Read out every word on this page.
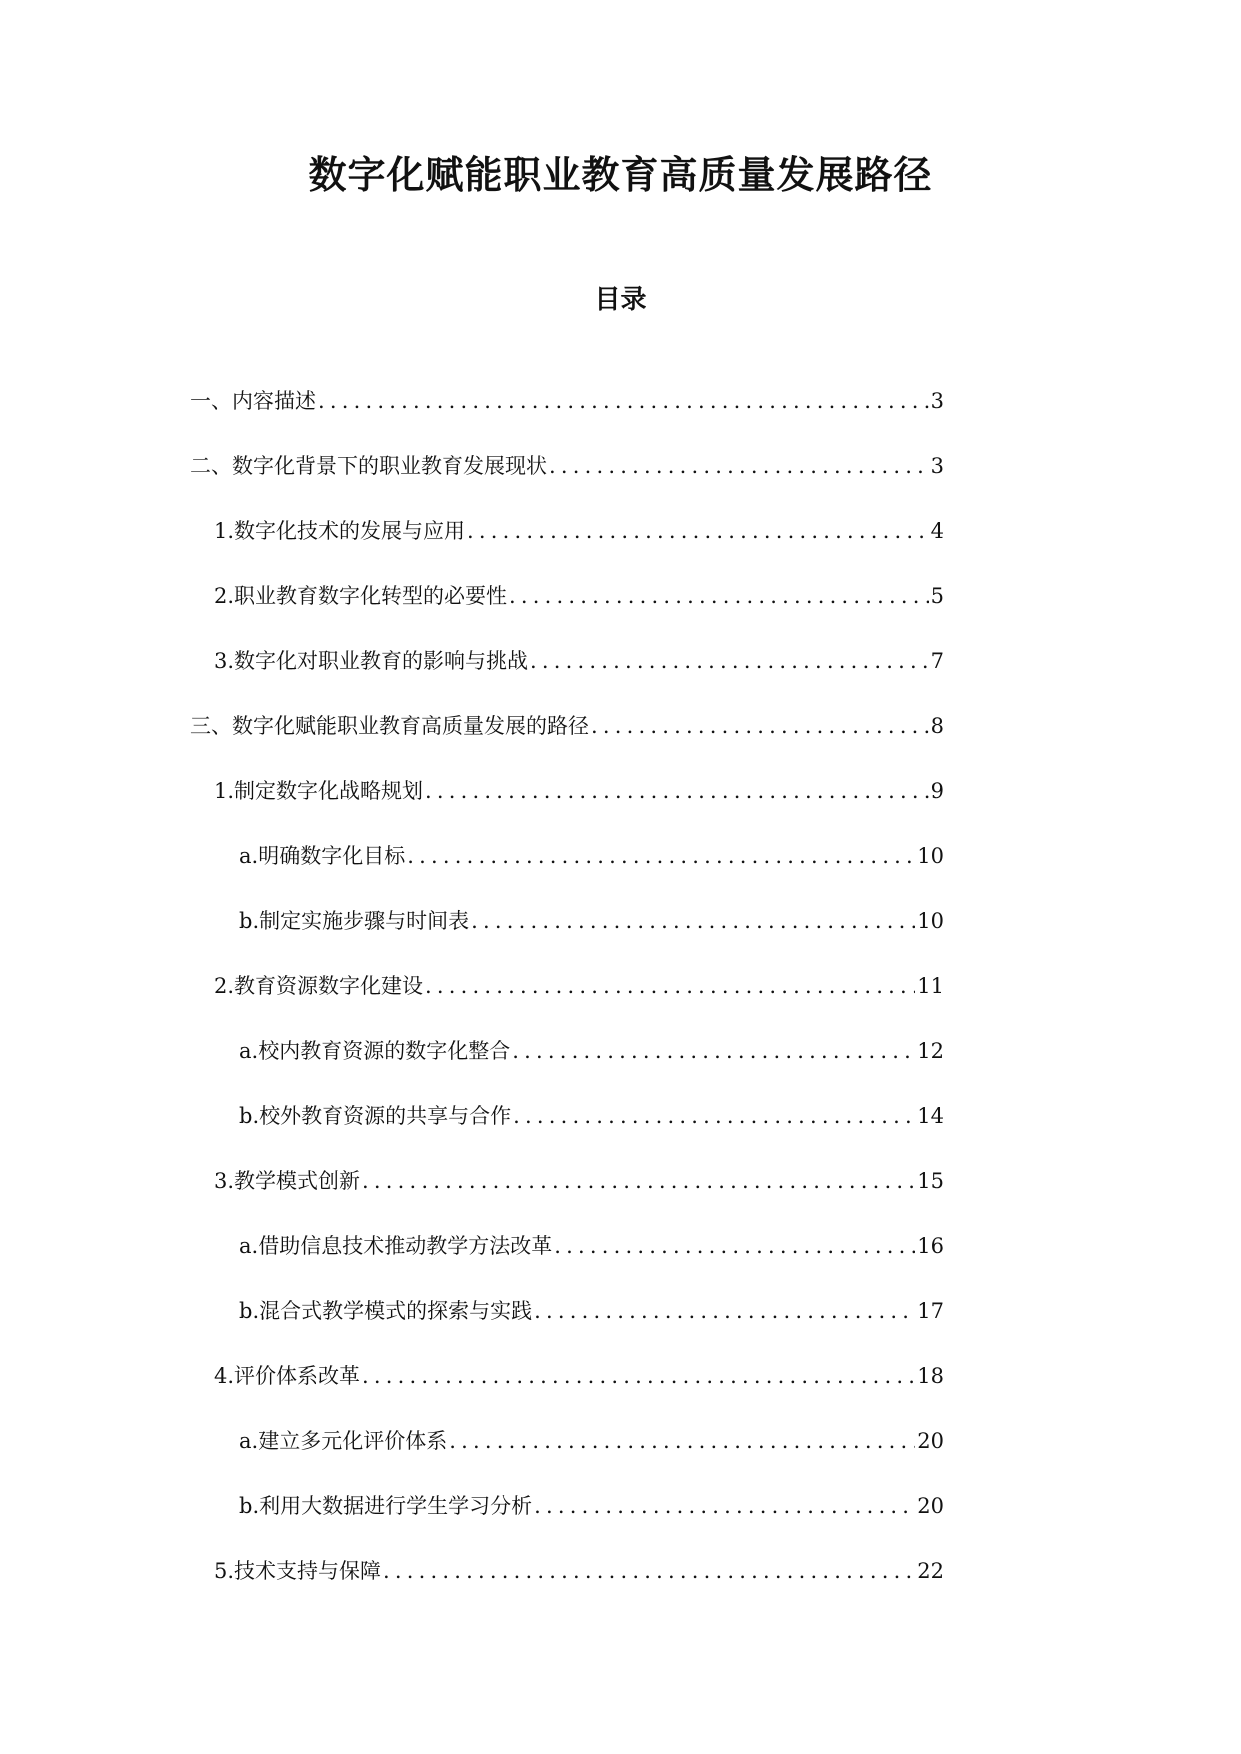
数字化赋能职业教育高质量发展路径
目录
一、 内容描述 .....	3
二、 数字化背景下的职业教育发展现状 .....	3
1. 数字化技术的发展与应用 .....	4
2. 职业教育数字化转型的必要性 .....	5
3. 数字化对职业教育的影响与挑战 .....	7
三、 数字化赋能职业教育高质量发展的路径 .....	8
1. 制定数字化战略规划 .....	9
a. 明确数字化目标 .....	10
b. 制定实施步骤与时间表 .....	10
2. 教育资源数字化建设 .....	11
a. 校内教育资源的数字化整合 .....	12
b. 校外教育资源的共享与合作 .....	14
3. 教学模式创新 .....	15
a. 借助信息技术推动教学方法改革 .....	16
b. 混合式教学模式的探索与实践 .....	17
4. 评价体系改革 .....	18
a. 建立多元化评价体系 .....	20
b. 利用大数据进行学生学习分析 .....	20
5. 技术支持与保障 .....	22
